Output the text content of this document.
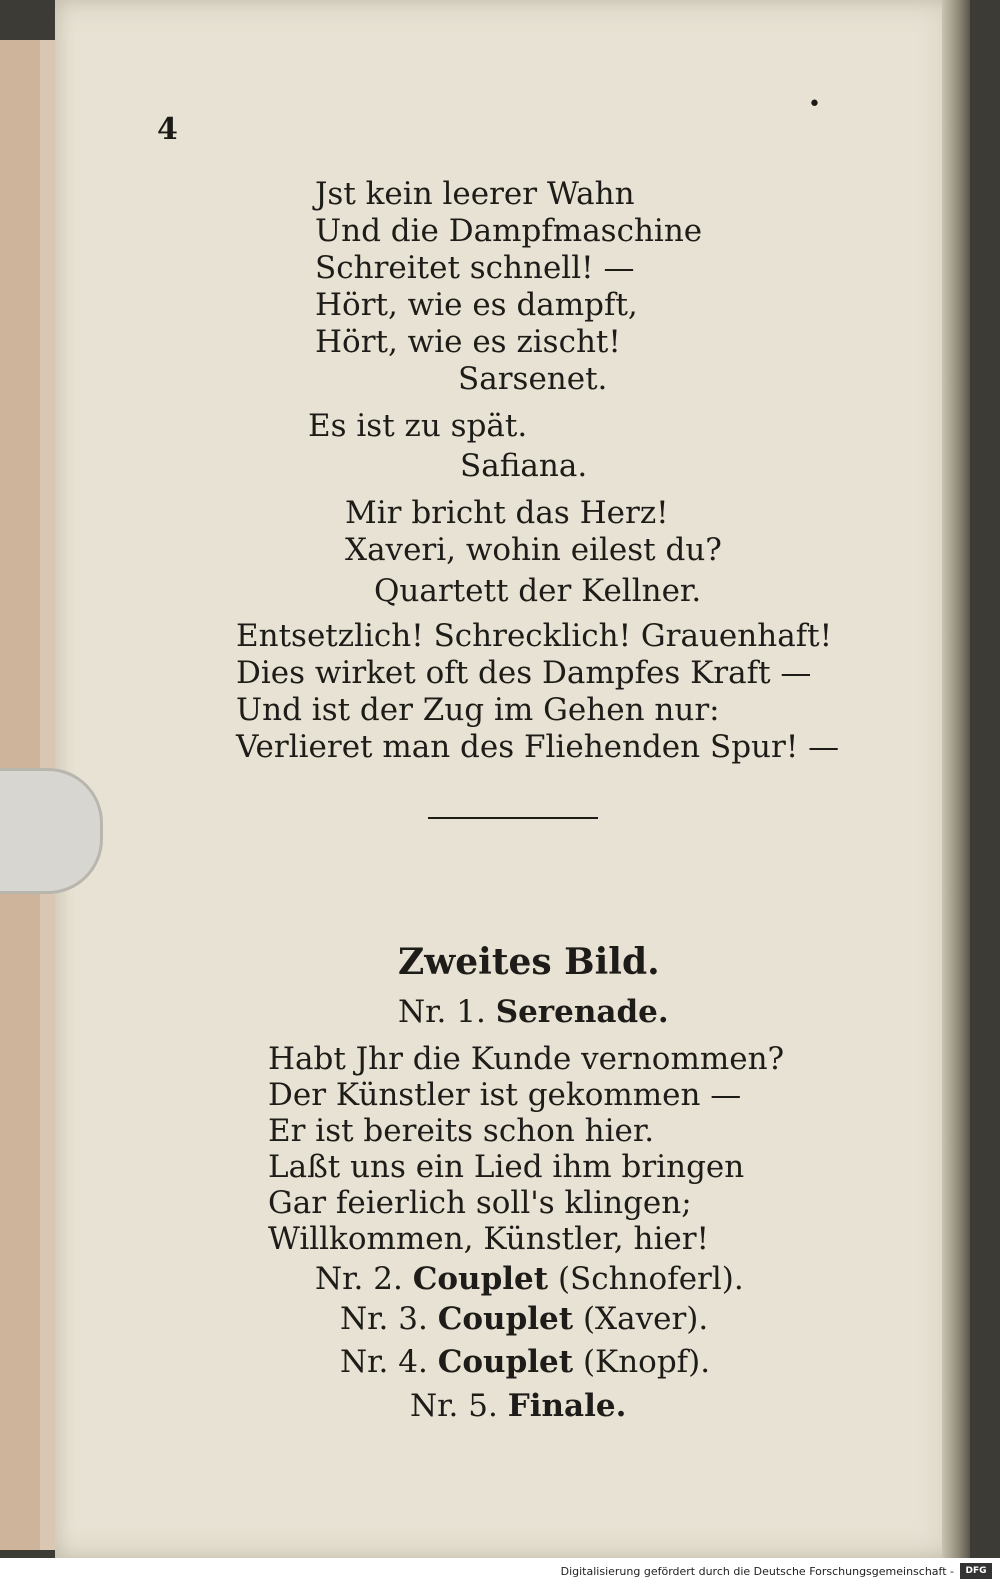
4
•
Jst kein leerer Wahn
Und die Dampfmaschine
Schreitet schnell! —
Hört, wie es dampft,
Hört, wie es zischt!
Sarsenet.
Es ist zu spät.
Safiana.
Mir bricht das Herz!
Xaveri, wohin eilest du?
Quartett der Kellner.
Entsetzlich! Schrecklich! Grauenhaft!
Dies wirket oft des Dampfes Kraft —
Und ist der Zug im Gehen nur:
Verlieret man des Fliehenden Spur! —
Zweites Bild.
Nr. 1. Serenade.
Habt Jhr die Kunde vernommen?
Der Künstler ist gekommen —
Er ist bereits schon hier.
Laßt uns ein Lied ihm bringen
Gar feierlich soll's klingen;
Willkommen, Künstler, hier!
Nr. 2. Couplet (Schnoferl).
Nr. 3. Couplet (Xaver).
Nr. 4. Couplet (Knopf).
Nr. 5. Finale.
Digitalisierung gefördert durch die Deutsche Forschungsgemeinschaft -	DFG
